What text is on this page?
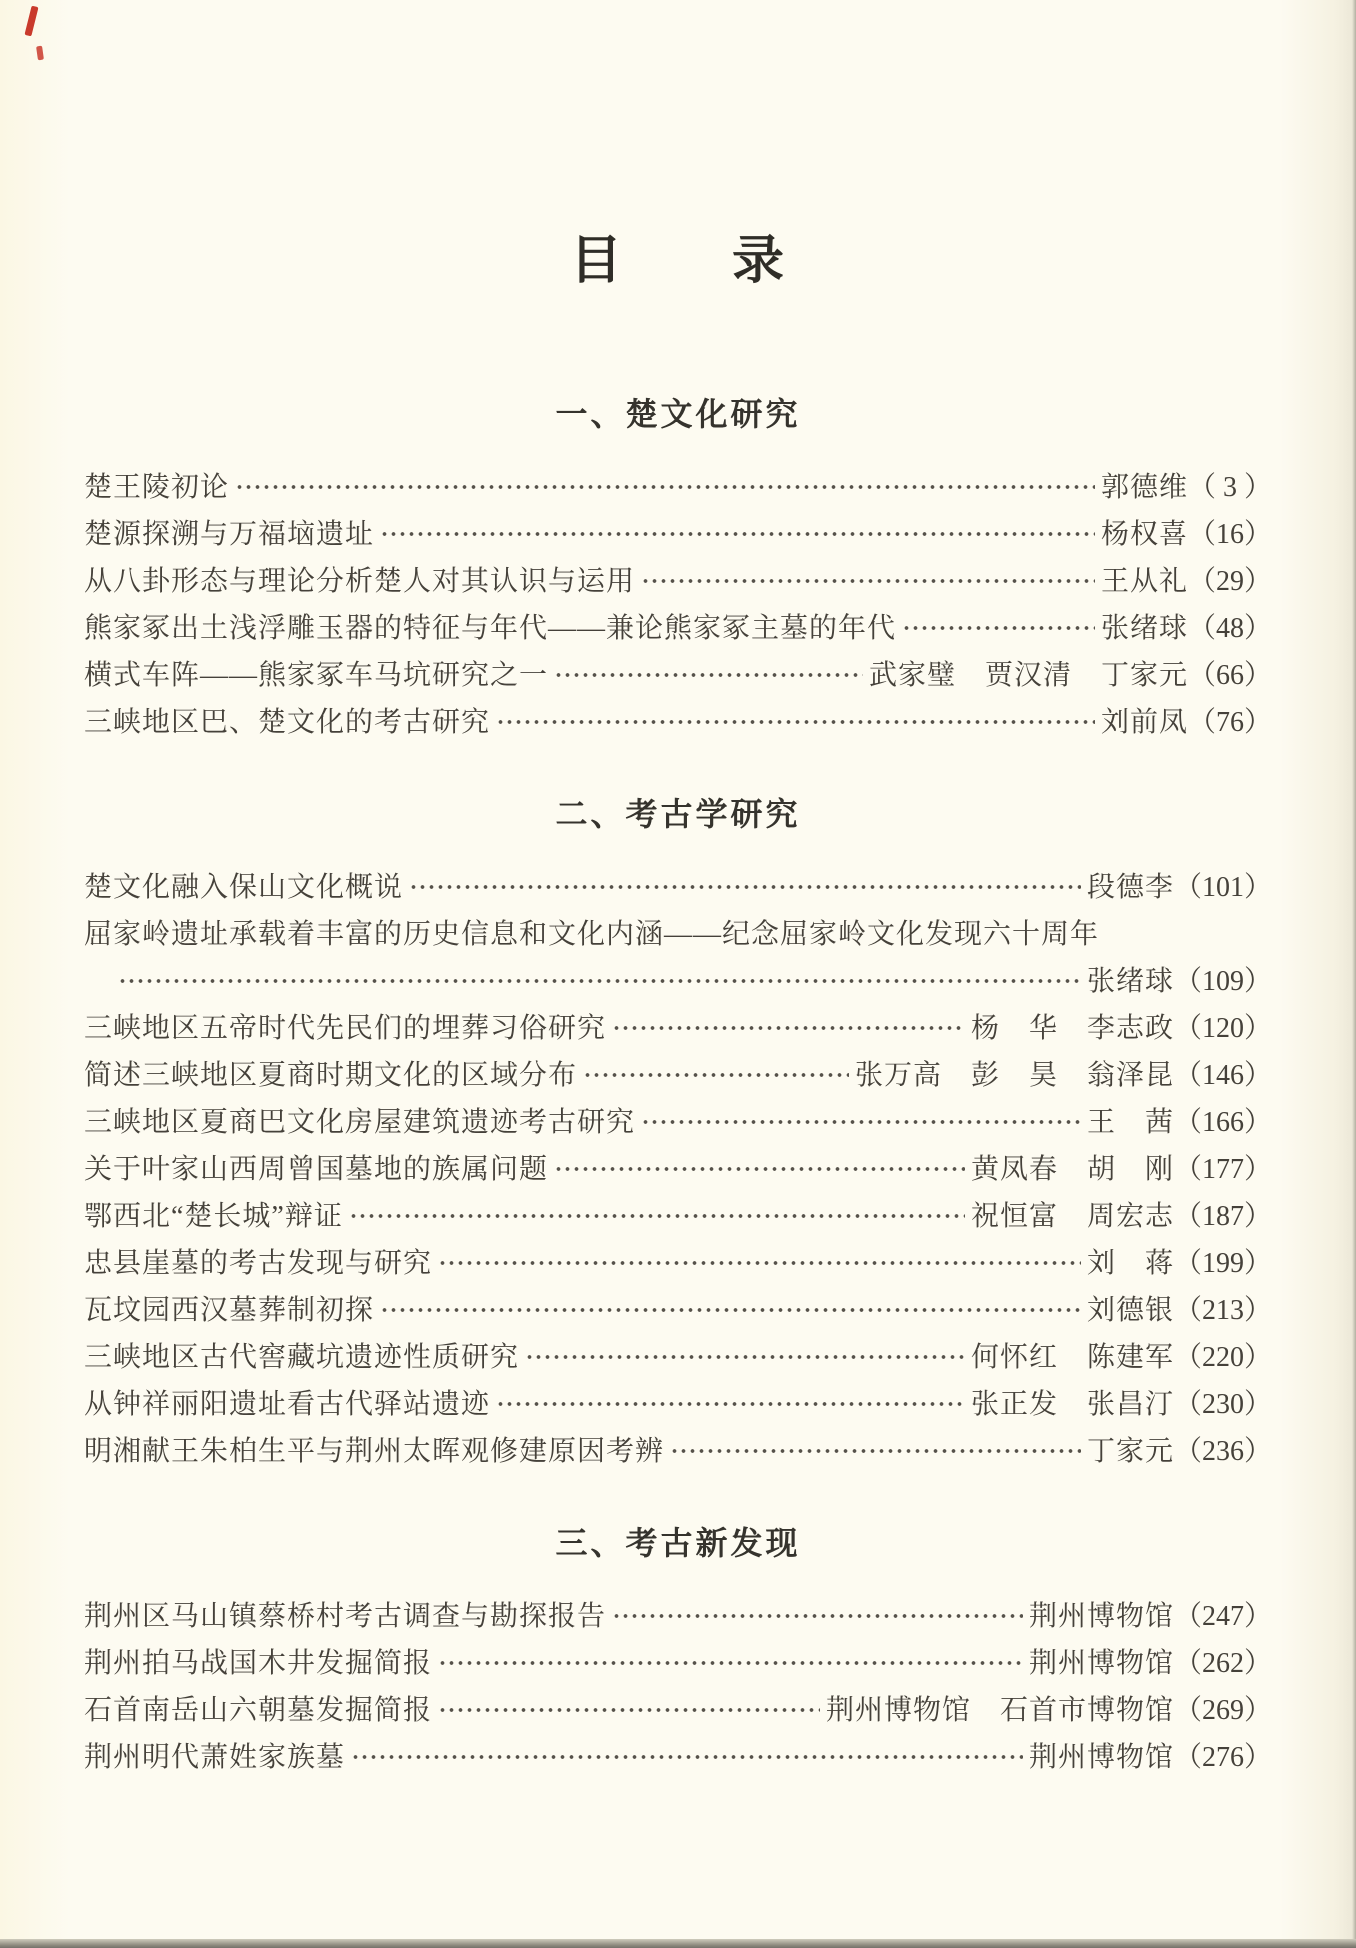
目　　录
一、楚文化研究
楚王陵初论	郭德维 （ 3 ）
楚源探溯与万福垴遗址	杨权喜 （16）
从八卦形态与理论分析楚人对其认识与运用	王从礼 （29）
熊家冢出土浅浮雕玉器的特征与年代——兼论熊家冢主墓的年代	张绪球 （48）
横式车阵——熊家冢车马坑研究之一	武家璧　贾汉清　丁家元 （66）
三峡地区巴、楚文化的考古研究	刘前凤 （76）
二、考古学研究
楚文化融入保山文化概说	段德李 （101）
屈家岭遗址承载着丰富的历史信息和文化内涵——纪念屈家岭文化发现六十周年
张绪球 （109）
三峡地区五帝时代先民们的埋葬习俗研究	杨　华　李志政 （120）
简述三峡地区夏商时期文化的区域分布	张万高　彭　昊　翁泽昆 （146）
三峡地区夏商巴文化房屋建筑遗迹考古研究	王　茜 （166）
关于叶家山西周曾国墓地的族属问题	黄凤春　胡　刚 （177）
鄂西北“楚长城”辩证	祝恒富　周宏志 （187）
忠县崖墓的考古发现与研究	刘　蒋 （199）
瓦坟园西汉墓葬制初探	刘德银 （213）
三峡地区古代窖藏坑遗迹性质研究	何怀红　陈建军 （220）
从钟祥丽阳遗址看古代驿站遗迹	张正发　张昌汀 （230）
明湘献王朱柏生平与荆州太晖观修建原因考辨	丁家元 （236）
三、考古新发现
荆州区马山镇蔡桥村考古调查与勘探报告	荆州博物馆 （247）
荆州拍马战国木井发掘简报	荆州博物馆 （262）
石首南岳山六朝墓发掘简报	荆州博物馆　石首市博物馆 （269）
荆州明代萧姓家族墓	荆州博物馆 （276）
